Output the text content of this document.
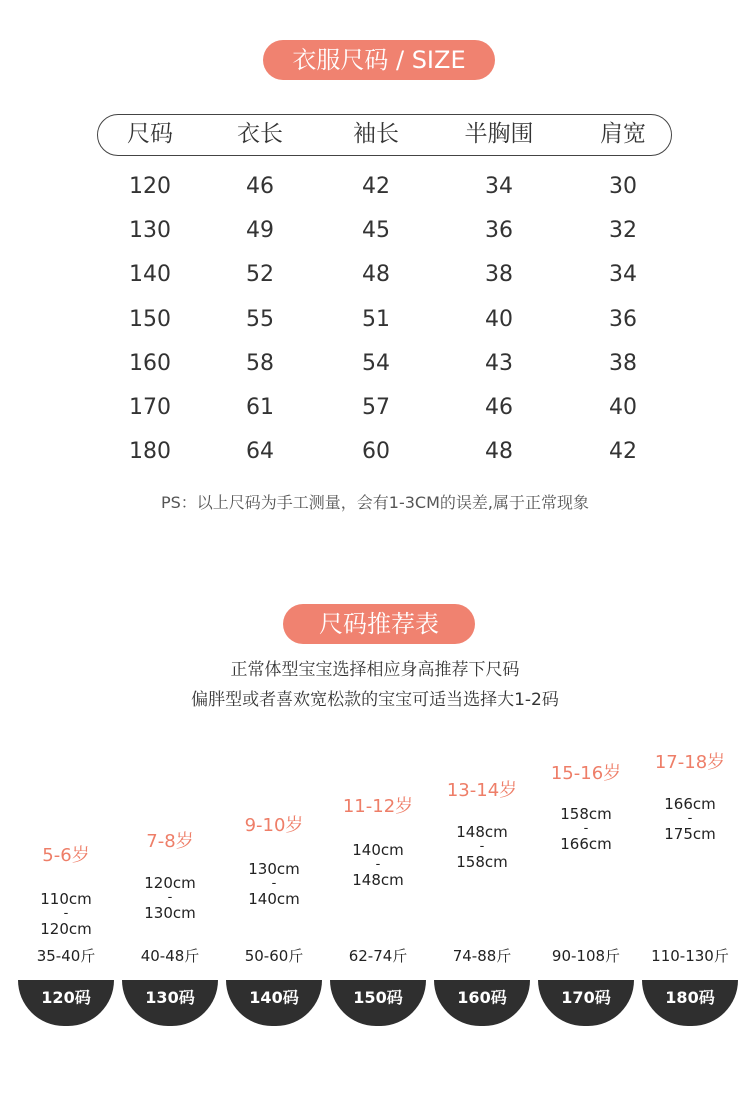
衣服尺码 / SIZE
尺码	衣长	袖长	半胸围	肩宽
120	46	42	34	30
130	49	45	36	32
140	52	48	38	34
150	55	51	40	36
160	58	54	43	38
170	61	57	46	40
180	64	60	48	42
PS：以上尺码为手工测量，会有1-3CM的误差,属于正常现象
尺码推荐表
正常体型宝宝选择相应身高推荐下尺码
偏胖型或者喜欢宽松款的宝宝可适当选择大1-2码
5-6岁
110cm
-
120cm
35-40斤
120码
7-8岁
120cm
-
130cm
40-48斤
130码
9-10岁
130cm
-
140cm
50-60斤
140码
11-12岁
140cm
-
148cm
62-74斤
150码
13-14岁
148cm
-
158cm
74-88斤
160码
15-16岁
158cm
-
166cm
90-108斤
170码
17-18岁
166cm
-
175cm
110-130斤
180码
